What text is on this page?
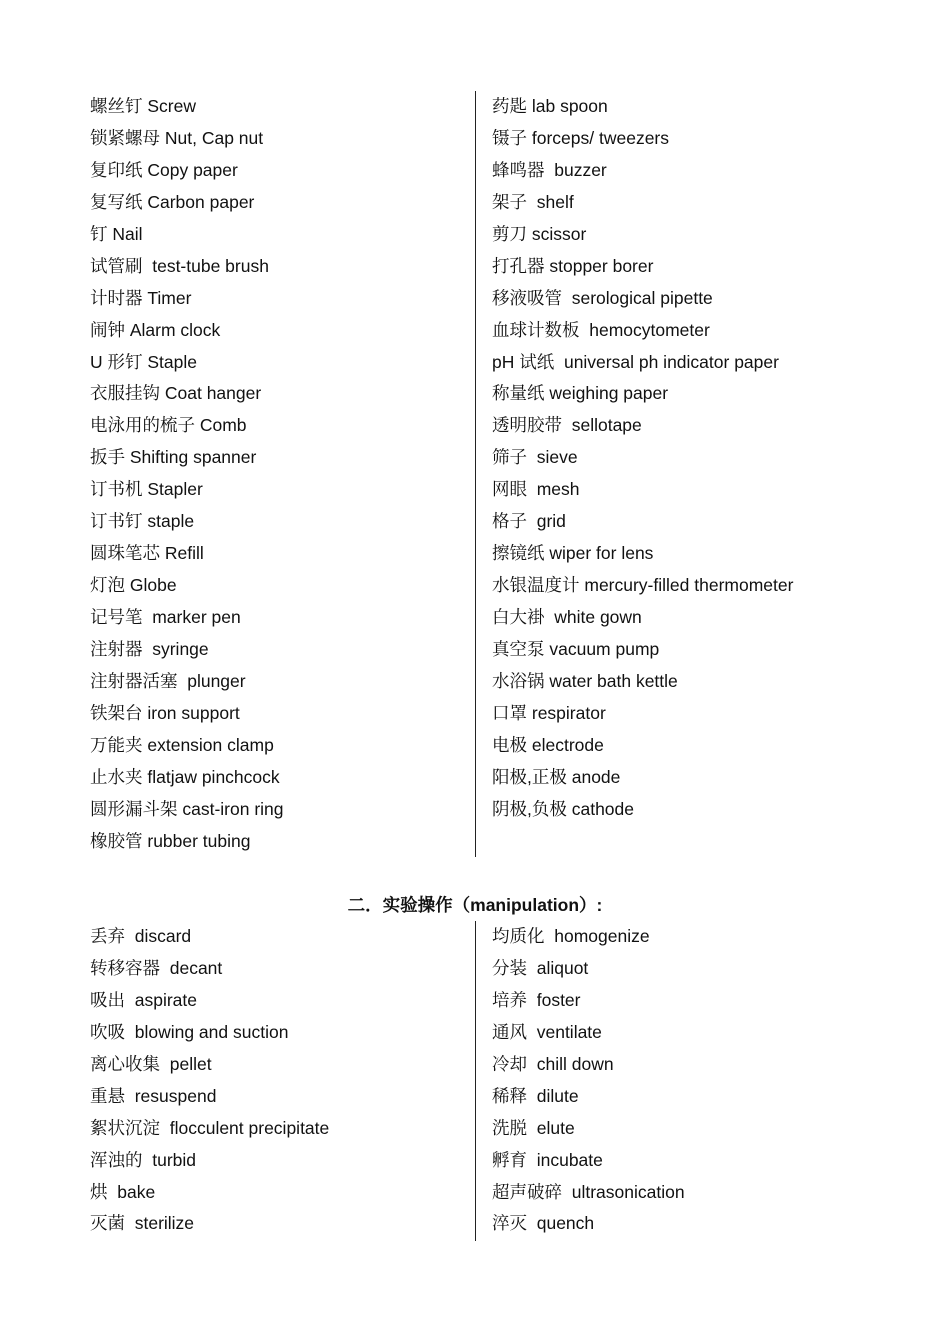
螺丝钉 Screw
锁紧螺母 Nut, Cap nut
复印纸 Copy paper
复写纸 Carbon paper
钉 Nail
试管刷  test-tube brush
计时器 Timer
闹钟 Alarm clock
U 形钉 Staple
衣服挂钩 Coat hanger
电泳用的梳子 Comb
扳手 Shifting spanner
订书机 Stapler
订书钉 staple
圆珠笔芯 Refill
灯泡 Globe
记号笔  marker pen
注射器  syringe
注射器活塞  plunger
铁架台 iron support
万能夹 extension clamp
止水夹 flatjaw pinchcock
圆形漏斗架 cast-iron ring
橡胶管 rubber tubing
药匙 lab spoon
镊子 forceps/ tweezers
蜂鸣器  buzzer
架子  shelf
剪刀 scissor
打孔器 stopper borer
移液吸管  serological pipette
血球计数板  hemocytometer
pH 试纸  universal ph indicator paper
称量纸 weighing paper
透明胶带  sellotape
筛子  sieve
网眼  mesh
格子  grid
擦镜纸 wiper for lens
水银温度计 mercury-filled thermometer
白大褂  white gown
真空泵 vacuum pump
水浴锅 water bath kettle
口罩 respirator
电极 electrode
阳极,正极 anode
阴极,负极 cathode
二．实验操作（manipulation）:
丢弃  discard
转移容器  decant
吸出  aspirate
吹吸  blowing and suction
离心收集  pellet
重悬  resuspend
絮状沉淀  flocculent precipitate
浑浊的  turbid
烘  bake
灭菌  sterilize
均质化  homogenize
分装  aliquot
培养  foster
通风  ventilate
冷却  chill down
稀释  dilute
洗脱  elute
孵育  incubate
超声破碎  ultrasonication
淬灭  quench
